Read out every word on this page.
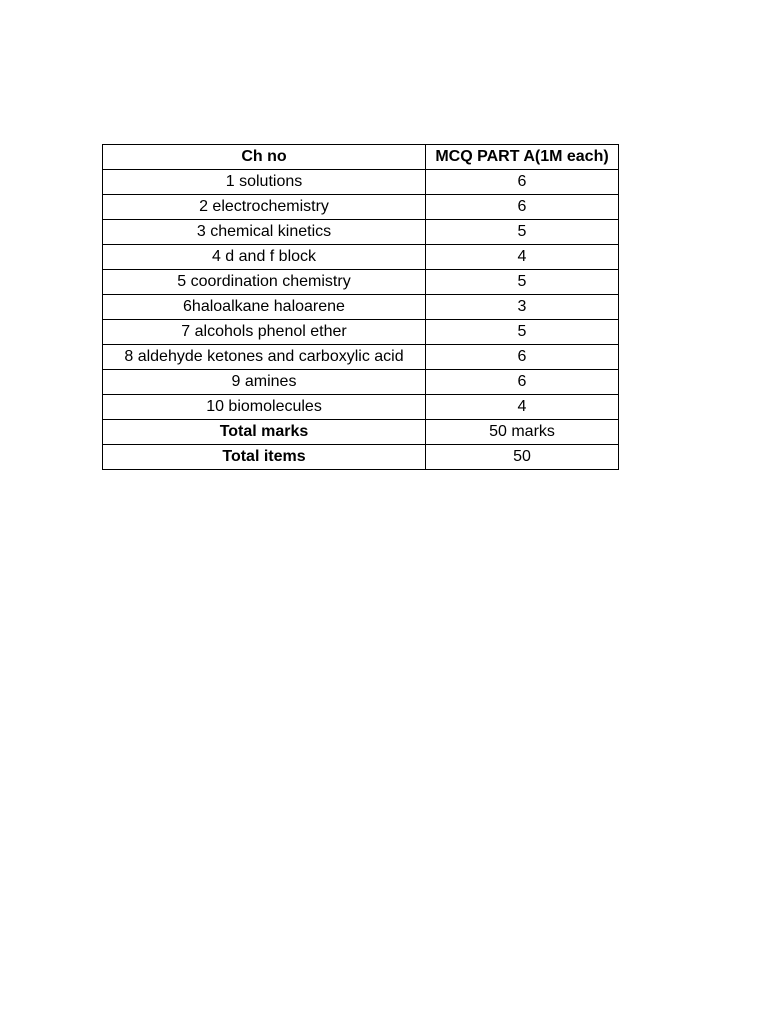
Ch no	MCQ PART A(1M each)
1 solutions	6
2 electrochemistry	6
3 chemical kinetics	5
4 d and f block	4
5 coordination chemistry	5
6haloalkane haloarene	3
7 alcohols phenol ether	5
8 aldehyde ketones and carboxylic acid	6
9 amines	6
10 biomolecules	4
Total marks	50 marks
Total items	50
